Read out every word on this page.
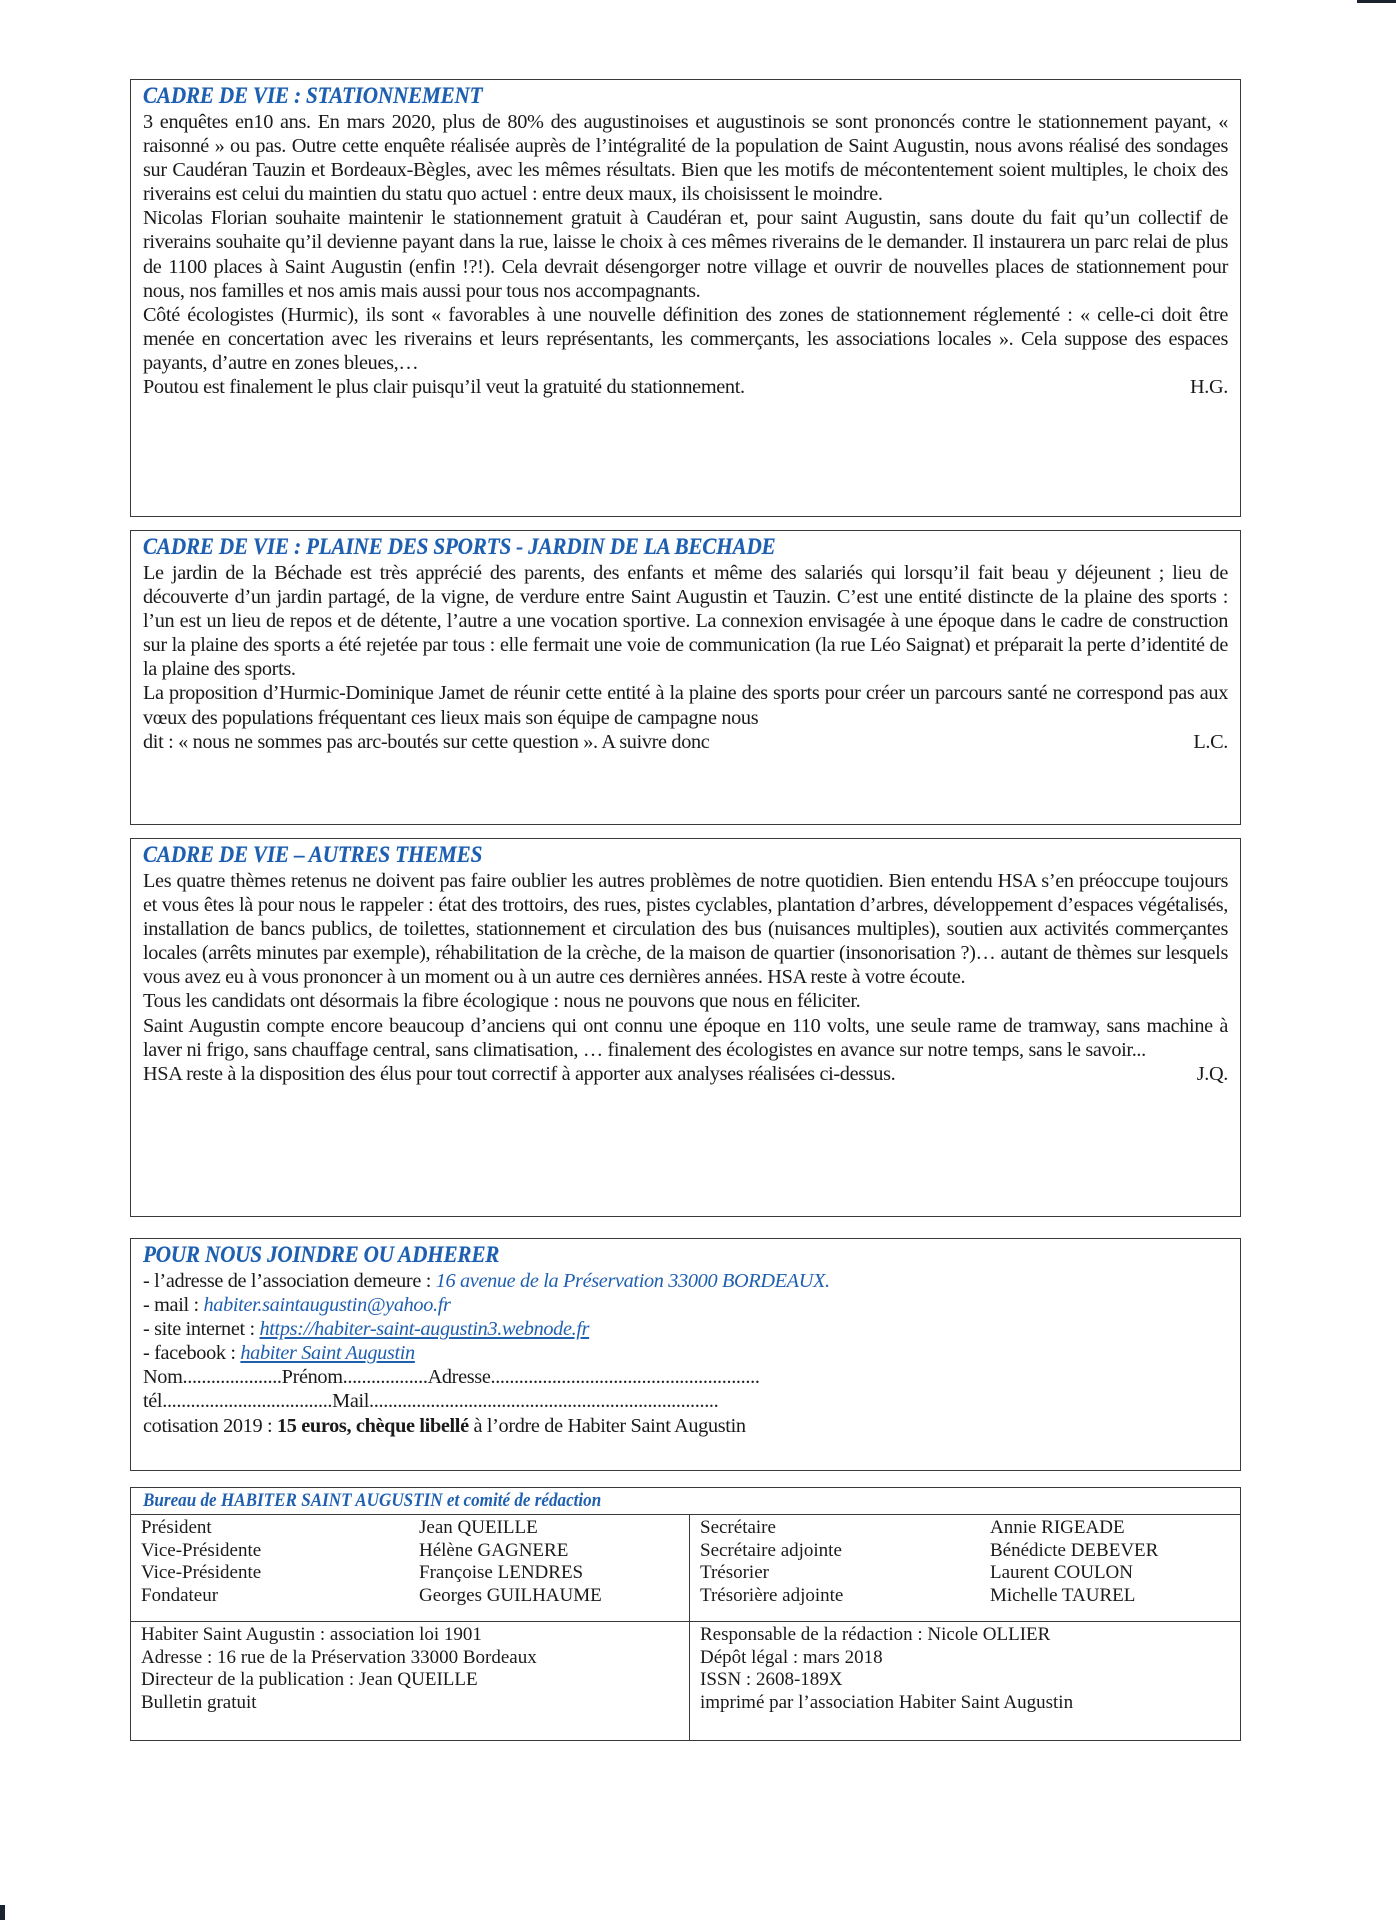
CADRE DE VIE : STATIONNEMENT

3 enquêtes en10 ans. En mars 2020, plus de 80% des augustinoises et augustinois se sont prononcés contre le stationnement payant, « raisonné » ou pas. Outre cette enquête réalisée auprès de l’intégralité de la population de Saint Augustin, nous avons réalisé des sondages sur Caudéran Tauzin et Bordeaux-Bègles, avec les mêmes résultats. Bien que les motifs de mécontentement soient multiples, le choix des riverains est celui du maintien du statu quo actuel : entre deux maux, ils choisissent le moindre.

Nicolas Florian souhaite maintenir le stationnement gratuit à Caudéran et, pour saint Augustin, sans doute du fait qu’un collectif de riverains souhaite qu’il devienne payant dans la rue, laisse le choix à ces mêmes riverains de le demander. Il instaurera un parc relai de plus de 1100 places à Saint Augustin (enfin !?!). Cela devrait désengorger notre village et ouvrir de nouvelles places de stationnement pour nous, nos familles et nos amis mais aussi pour tous nos accompagnants.

Côté écologistes (Hurmic), ils sont « favorables à une nouvelle définition des zones de stationnement réglementé : « celle-ci doit être menée en concertation avec les riverains et leurs représentants, les commerçants, les associations locales ». Cela suppose des espaces payants, d’autre en zones bleues,…

Poutou est finalement le plus clair puisqu’il veut la gratuité du stationnement.	H.G.

CADRE DE VIE : PLAINE DES SPORTS - JARDIN DE LA BECHADE

Le jardin de la Béchade est très apprécié des parents, des enfants et même des salariés qui lorsqu’il fait beau y déjeunent ; lieu de découverte d’un jardin partagé, de la vigne, de verdure entre Saint Augustin et Tauzin. C’est une entité distincte de la plaine des sports : l’un est un lieu de repos et de détente, l’autre a une vocation sportive. La connexion envisagée à une époque dans le cadre de construction sur la plaine des sports a été rejetée par tous : elle fermait une voie de communication (la rue Léo Saignat) et préparait la perte d’identité de la plaine des sports.

La proposition d’Hurmic-Dominique Jamet de réunir cette entité à la plaine des sports pour créer un parcours santé ne correspond pas aux vœux des populations fréquentant ces lieux mais son équipe de campagne nous

dit : « nous ne sommes pas arc-boutés sur cette question ». A suivre donc	L.C.

CADRE DE VIE – AUTRES THEMES

Les quatre thèmes retenus ne doivent pas faire oublier les autres problèmes de notre quotidien. Bien entendu HSA s’en préoccupe toujours et vous êtes là pour nous le rappeler : état des trottoirs, des rues, pistes cyclables, plantation d’arbres, développement d’espaces végétalisés, installation de bancs publics, de toilettes, stationnement et circulation des bus (nuisances multiples), soutien aux activités commerçantes locales (arrêts minutes par exemple), réhabilitation de la crèche, de la maison de quartier (insonorisation ?)… autant de thèmes sur lesquels vous avez eu à vous prononcer à un moment ou à un autre ces dernières années. HSA reste à votre écoute.

Tous les candidats ont désormais la fibre écologique : nous ne pouvons que nous en féliciter.

Saint Augustin compte encore beaucoup d’anciens qui ont connu une époque en 110 volts, une seule rame de tramway, sans machine à laver ni frigo, sans chauffage central, sans climatisation, … finalement des écologistes en avance sur notre temps, sans le savoir...

HSA reste à la disposition des élus pour tout correctif à apporter aux analyses réalisées ci-dessus.	J.Q.

POUR NOUS JOINDRE OU ADHERER

- l’adresse de l’association demeure : 16 avenue de la Préservation 33000 BORDEAUX.

- mail : habiter.saintaugustin@yahoo.fr

- site internet : https://habiter-saint-augustin3.webnode.fr

- facebook : habiter Saint Augustin

Nom.....................Prénom..................Adresse.........................................................

tél....................................Mail..........................................................................

cotisation 2019 : 15 euros, chèque libellé à l’ordre de Habiter Saint Augustin

Bureau de HABITER SAINT AUGUSTIN et comité de rédaction
Président	Jean QUEILLE
Vice-Présidente	Hélène GAGNERE
Vice-Présidente	Françoise LENDRES
Fondateur	Georges GUILHAUME
Secrétaire	Annie RIGEADE
Secrétaire adjointe	Bénédicte DEBEVER
Trésorier	Laurent COULON
Trésorière adjointe	Michelle TAUREL
Habiter Saint Augustin : association loi 1901
Adresse : 16 rue de la Préservation 33000 Bordeaux
Directeur de la publication : Jean QUEILLE
Bulletin gratuit
Responsable de la rédaction : Nicole OLLIER
Dépôt légal : mars 2018
ISSN : 2608-189X
imprimé par l’association Habiter Saint Augustin
